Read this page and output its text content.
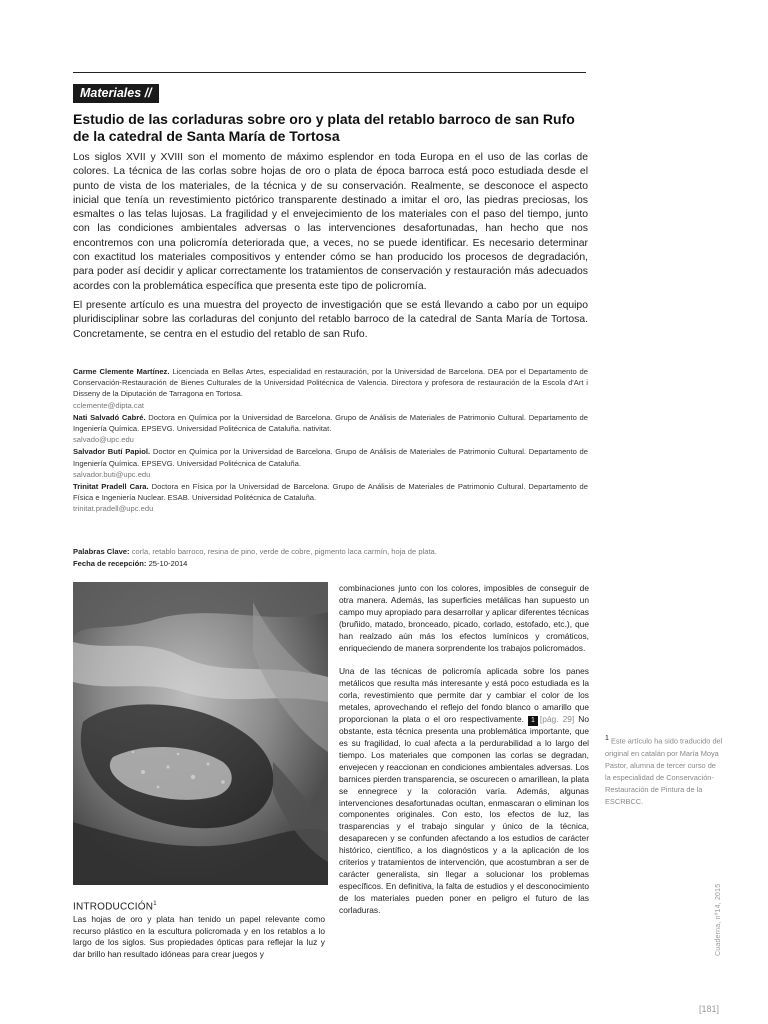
Materiales //
Estudio de las corladuras sobre oro y plata del retablo barroco de san Rufo de la catedral de Santa María de Tortosa

Los siglos XVII y XVIII son el momento de máximo esplendor en toda Europa en el uso de las corlas de colores. La técnica de las corlas sobre hojas de oro o plata de época barroca está poco estudiada desde el punto de vista de los materiales, de la técnica y de su conservación. Realmente, se desconoce el aspecto inicial que tenía un revestimiento pictórico transparente destinado a imitar el oro, las piedras preciosas, los esmaltes o las telas lujosas. La fragilidad y el envejecimiento de los materiales con el paso del tiempo, junto con las condiciones ambientales adversas o las intervenciones desafortunadas, han hecho que nos encontremos con una policromía deteriorada que, a veces, no se puede identificar. Es necesario determinar con exactitud los materiales compositivos y entender cómo se han producido los procesos de degradación, para poder así decidir y aplicar correctamente los tratamientos de conservación y restauración más adecuados acordes con la problemática específica que presenta este tipo de policromía.

El presente artículo es una muestra del proyecto de investigación que se está llevando a cabo por un equipo pluridisciplinar sobre las corladuras del conjunto del retablo barroco de la catedral de Santa María de Tortosa. Concretamente, se centra en el estudio del retablo de san Rufo.

Carme Clemente Martínez. Licenciada en Bellas Artes, especialidad en restauración, por la Universidad de Barcelona. DEA por el Departamento de Conservación-Restauración de Bienes Culturales de la Universidad Politécnica de Valencia. Directora y profesora de restauración de la Escola d'Art i Disseny de la Diputación de Tarragona en Tortosa.

cclemente@dipta.cat

Nati Salvadó Cabré. Doctora en Química por la Universidad de Barcelona. Grupo de Análisis de Materiales de Patrimonio Cultural. Departamento de Ingeniería Química. EPSEVG. Universidad Politécnica de Cataluña. nativitat.

salvado@upc.edu

Salvador Butí Papiol. Doctor en Química por la Universidad de Barcelona. Grupo de Análisis de Materiales de Patrimonio Cultural. Departamento de Ingeniería Química. EPSEVG. Universidad Politécnica de Cataluña.

salvador.buti@upc.edu

Trinitat Pradell Cara. Doctora en Física por la Universidad de Barcelona. Grupo de Análisis de Materiales de Patrimonio Cultural. Departamento de Física e Ingeniería Nuclear. ESAB. Universidad Politécnica de Cataluña.

trinitat.pradell@upc.edu

Palabras Clave: corla, retablo barroco, resina de pino, verde de cobre, pigmento laca carmín, hoja de plata.

Fecha de recepción: 25-10-2014

INTRODUCCIÓN$^1$

Las hojas de oro y plata han tenido un papel relevante como recurso plástico en la escultura policromada y en los retablos a lo largo de los siglos. Sus propiedades ópticas para reflejar la luz y dar brillo han resultado idóneas para crear juegos y

combinaciones junto con los colores, imposibles de conseguir de otra manera. Además, las superficies metálicas han supuesto un campo muy apropiado para desarrollar y aplicar diferentes técnicas (bruñido, matado, bronceado, picado, corlado, estofado, etc.), que han realzado aún más los efectos lumínicos y cromáticos, enriqueciendo de manera sorprendente los trabajos policromados.

Una de las técnicas de policromía aplicada sobre los panes metálicos que resulta más interesante y está poco estudiada es la corla, revestimiento que permite dar y cambiar el color de los metales, aprovechando el reflejo del fondo blanco o amarillo que proporcionan la plata o el oro respectivamente. 1 [pág. 29] No obstante, esta técnica presenta una problemática importante, que es su fragilidad, lo cual afecta a la perdurabilidad a lo largo del tiempo. Los materiales que componen las corlas se degradan, envejecen y reaccionan en condiciones ambientales adversas. Los barnices pierden transparencia, se oscurecen o amarillean, la plata se ennegrece y la coloración varía. Además, algunas intervenciones desafortunadas ocultan, enmascaran o eliminan los componentes originales. Con esto, los efectos de luz, las trasparencias y el trabajo singular y único de la técnica, desaparecen y se confunden afectando a los estudios de carácter histórico, científico, a los diagnósticos y a la aplicación de los criterios y tratamientos de intervención, que acostumbran a ser de carácter generalista, sin llegar a solucionar los problemas específicos. En definitiva, la falta de estudios y el desconocimiento de los materiales pueden poner en peligro el futuro de las corladuras.

$^1$ Este artículo ha sido traducido del original en catalán por María Moya Pastor, alumna de tercer curso de la especialidad de Conservación-Restauración de Pintura de la ESCRBCC.
Cuaderna, nº14, 2015
[181]
